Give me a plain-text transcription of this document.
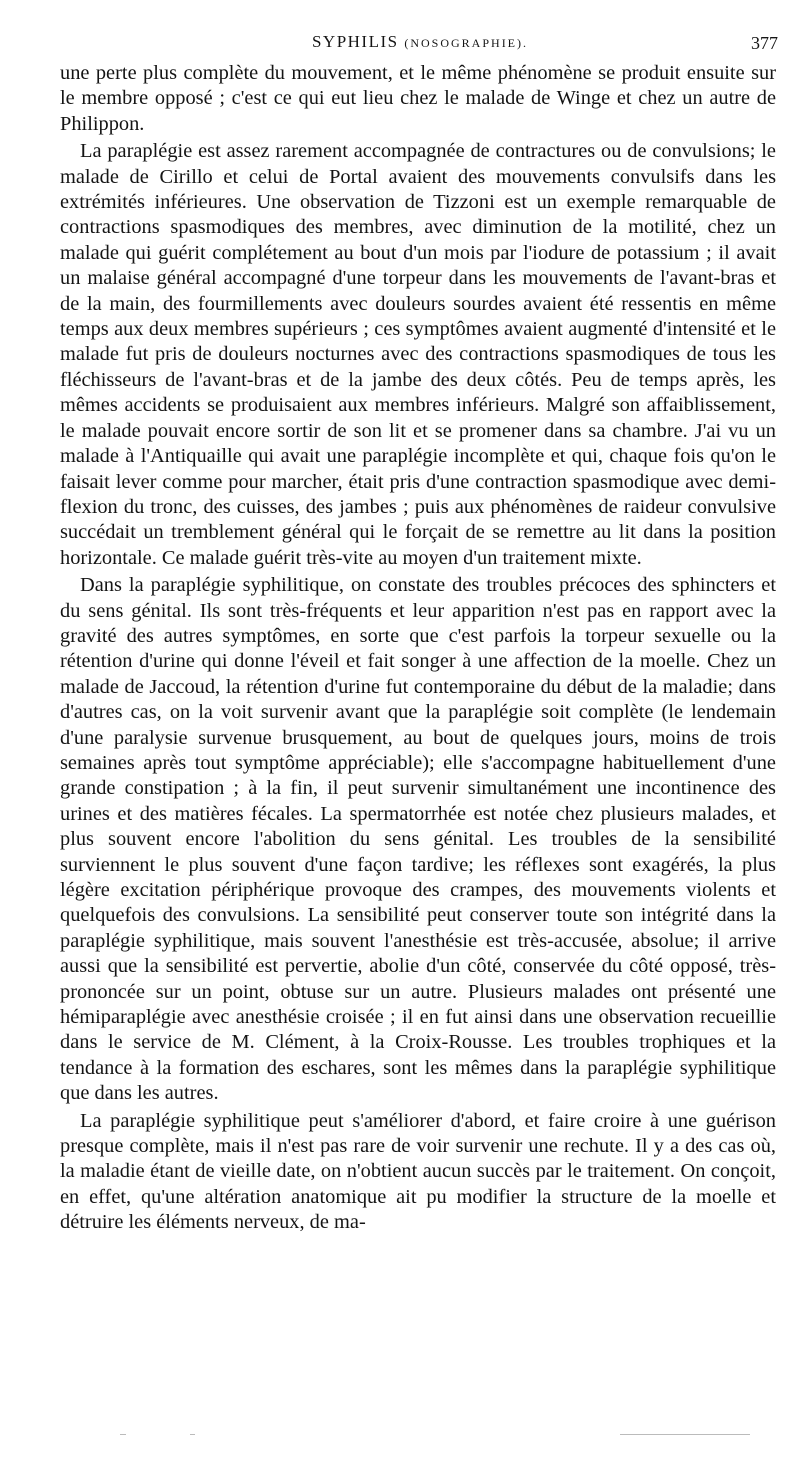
SYPHILIS (NOSOGRAPHIE).	377

une perte plus complète du mouvement, et le même phénomène se produit ensuite sur le membre opposé ; c'est ce qui eut lieu chez le malade de Winge et chez un autre de Philippon.

La paraplégie est assez rarement accompagnée de contractures ou de convulsions; le malade de Cirillo et celui de Portal avaient des mouvements convulsifs dans les extrémités inférieures. Une observation de Tizzoni est un exemple remarquable de contractions spasmodiques des membres, avec diminution de la motilité, chez un malade qui guérit complétement au bout d'un mois par l'iodure de potassium ; il avait un malaise général accompagné d'une torpeur dans les mouvements de l'avant-bras et de la main, des fourmillements avec douleurs sourdes avaient été ressentis en même temps aux deux membres supérieurs ; ces symptômes avaient augmenté d'intensité et le malade fut pris de douleurs nocturnes avec des contractions spasmodiques de tous les fléchisseurs de l'avant-bras et de la jambe des deux côtés. Peu de temps après, les mêmes accidents se produisaient aux membres inférieurs. Malgré son affaiblissement, le malade pouvait encore sortir de son lit et se promener dans sa chambre. J'ai vu un malade à l'Antiquaille qui avait une paraplégie incomplète et qui, chaque fois qu'on le faisait lever comme pour marcher, était pris d'une contraction spasmodique avec demi-flexion du tronc, des cuisses, des jambes ; puis aux phénomènes de raideur convulsive succédait un tremblement général qui le forçait de se remettre au lit dans la position horizontale. Ce malade guérit très-vite au moyen d'un traitement mixte.

Dans la paraplégie syphilitique, on constate des troubles précoces des sphincters et du sens génital. Ils sont très-fréquents et leur apparition n'est pas en rapport avec la gravité des autres symptômes, en sorte que c'est parfois la torpeur sexuelle ou la rétention d'urine qui donne l'éveil et fait songer à une affection de la moelle. Chez un malade de Jaccoud, la rétention d'urine fut contemporaine du début de la maladie; dans d'autres cas, on la voit survenir avant que la paraplégie soit complète (le lendemain d'une paralysie survenue brusquement, au bout de quelques jours, moins de trois semaines après tout symptôme appréciable); elle s'accompagne habituellement d'une grande constipation ; à la fin, il peut survenir simultanément une incontinence des urines et des matières fécales. La spermatorrhée est notée chez plusieurs malades, et plus souvent encore l'abolition du sens génital. Les troubles de la sensibilité surviennent le plus souvent d'une façon tardive; les réflexes sont exagérés, la plus légère excitation périphérique provoque des crampes, des mouvements violents et quelquefois des convulsions. La sensibilité peut conserver toute son intégrité dans la paraplégie syphilitique, mais souvent l'anesthésie est très-accusée, absolue; il arrive aussi que la sensibilité est pervertie, abolie d'un côté, conservée du côté opposé, très-prononcée sur un point, obtuse sur un autre. Plusieurs malades ont présenté une hémiparaplégie avec anesthésie croisée ; il en fut ainsi dans une observation recueillie dans le service de M. Clément, à la Croix-Rousse. Les troubles trophiques et la tendance à la formation des eschares, sont les mêmes dans la paraplégie syphilitique que dans les autres.

La paraplégie syphilitique peut s'améliorer d'abord, et faire croire à une guérison presque complète, mais il n'est pas rare de voir survenir une rechute. Il y a des cas où, la maladie étant de vieille date, on n'obtient aucun succès par le traitement. On conçoit, en effet, qu'une altération anatomique ait pu modifier la structure de la moelle et détruire les éléments nerveux, de ma-
